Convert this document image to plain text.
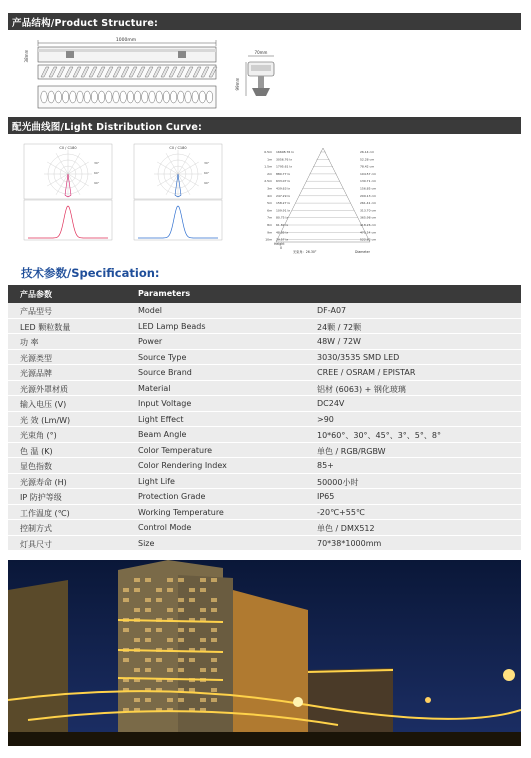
产品结构/Product Structure:
1000mm
38mm	70mm
99mm
配光曲线图/Light Distribution Curve:
C0 / C180
30°
60°
90°
C0 / C180
30°
60°
90°
0.5m 16608.76 lx	26.14 cm
1m 3056.76 lx	52.28 cm
1.5m 1795.61 lx	78.42 cm
2m 880.77 lx	104.57 cm
2.5m 633.07 lx	130.71 cm
3m 439.63 lx	156.85 cm
4m 247.29 lx	209.13 cm
5m 158.27 lx	261.41 cm
6m 109.91 lx	313.70 cm
7m 80.75 lx	365.98 cm
8m 61.82 lx	418.26 cm
9m 48.85 lx	470.54 cm
10m 39.57 lx	522.83 cm
Height
0
光束角：26.30°	Diameter
技术参数/Specification:
产品参数	Parameters
产品型号	Model	DF-A07
LED 颗粒数量	LED Lamp Beads	24颗 / 72颗
功 率	Power	48W / 72W
光源类型	Source Type	3030/3535 SMD LED
光源品牌	Source Brand	CREE / OSRAM / EPISTAR
光源外罩材质	Material	铝材 (6063) + 钢化玻璃
输入电压 (V)	Input Voltage	DC24V
光 效 (Lm/W)	Light Effect	>90
光束角 (°)	Beam Angle	10*60°、30°、45°、3°、5°、8°
色 温 (K)	Color Temperature	单色 / RGB/RGBW
显色指数	Color Rendering Index	85+
光源寿命 (H)	Light Life	50000小时
IP 防护等级	Protection Grade	IP65
工作温度 (℃)	Working Temperature	-20℃+55℃
控制方式	Control Mode	单色 / DMX512
灯具尺寸	Size	70*38*1000mm
